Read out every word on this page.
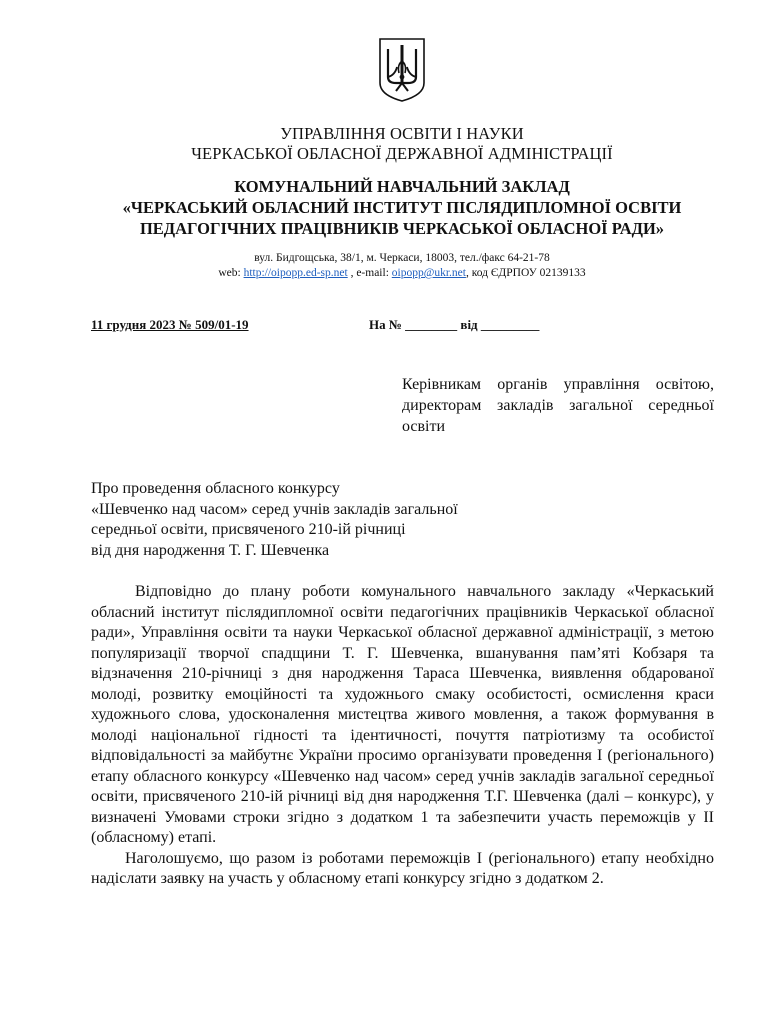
УПРАВЛІННЯ ОСВІТИ І НАУКИ
ЧЕРКАСЬКОЇ ОБЛАСНОЇ ДЕРЖАВНОЇ АДМІНІСТРАЦІЇ
КОМУНАЛЬНИЙ НАВЧАЛЬНИЙ ЗАКЛАД
«ЧЕРКАСЬКИЙ ОБЛАСНИЙ ІНСТИТУТ ПІСЛЯДИПЛОМНОЇ ОСВІТИ
ПЕДАГОГІЧНИХ ПРАЦІВНИКІВ ЧЕРКАСЬКОЇ ОБЛАСНОЇ РАДИ»
вул. Бидгощська, 38/1, м. Черкаси, 18003, тел./факс 64-21-78
web: http://oipopp.ed-sp.net , e-mail: oipopp@ukr.net, код ЄДРПОУ 02139133
11 грудня 2023 № 509/01-19	На № ________ від _________
Керівникам органів управління освітою, директорам закладів загальної середньої освіти
Про проведення обласного конкурсу
«Шевченко над часом» серед учнів закладів загальної
середньої освіти, присвяченого 210-ій річниці
від дня народження Т. Г. Шевченка

Відповідно до плану роботи комунального навчального закладу «Черкаський обласний інститут післядипломної освіти педагогічних працівників Черкаської обласної ради», Управління освіти та науки Черкаської обласної державної адміністрації, з метою популяризації творчої спадщини Т. Г. Шевченка, вшанування пам’яті Кобзаря та відзначення 210-річниці з дня народження Тараса Шевченка, виявлення обдарованої молоді, розвитку емоційності та художнього смаку особистості, осмислення краси художнього слова, удосконалення мистецтва живого мовлення, а також формування в молоді національної гідності та ідентичності, почуття патріотизму та особистої відповідальності за майбутнє України просимо організувати проведення І (регіонального) етапу обласного конкурсу «Шевченко над часом» серед учнів закладів загальної середньої освіти, присвяченого 210-ій річниці від дня народження Т.Г. Шевченка (далі – конкурс), у визначені Умовами строки згідно з додатком 1 та забезпечити участь переможців у ІІ (обласному) етапі.

Наголошуємо, що разом із роботами переможців І (регіонального) етапу необхідно надіслати заявку на участь у обласному етапі конкурсу згідно з додатком 2.
